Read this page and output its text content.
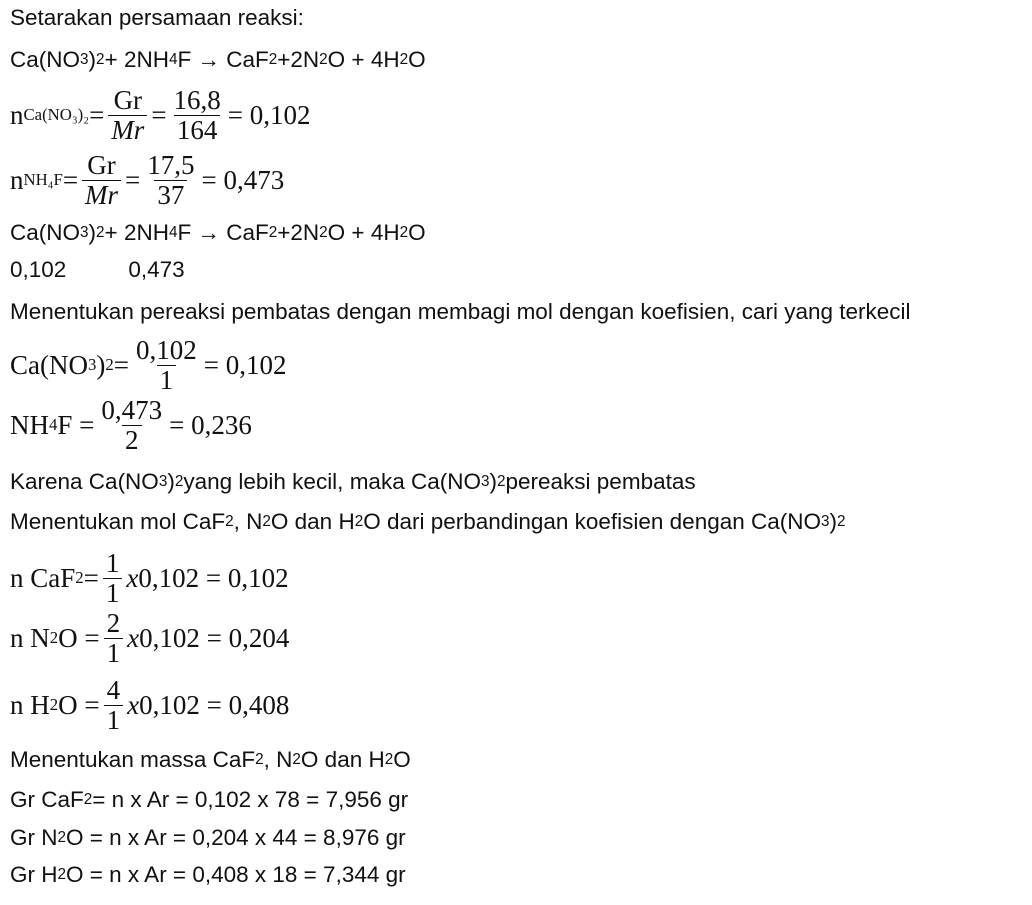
Setarakan persamaan reaksi:
Ca(NO 3 ) 2 + 2NH 4 F → CaF 2 +2N 2 O + 4H 2 O
n $Ca(NO_3)_2 = \frac{Gr}{Mr} = \frac{16,8}{164} = 0,102$
n $NH_4F = \frac{Gr}{Mr} = \frac{17,5}{37} = 0,473$
Ca(NO 3 ) 2 + 2NH 4 F → CaF 2 +2N 2 O + 4H 2 O
0,102	0,473
Menentukan pereaksi pembatas dengan membagi mol dengan koefisien, cari yang terkecil
Ca(NO 3 ) $2 = \frac{0,102}{1} = 0,102$
NH 4 $F = \frac{0,473}{2} = 0,236$
Karena Ca(NO 3 ) 2 yang lebih kecil, maka Ca(NO 3 ) 2 pereaksi pembatas
Menentukan mol CaF 2 , N 2 O dan H 2 O dari perbandingan koefisien dengan Ca(NO 3 ) 2
n CaF $2 = \frac{1}{1}$ x 0,102 = 0,102
n N 2 $O = \frac{2}{1}$ x 0,102 = 0,204
n H 2 $O = \frac{4}{1}$ x 0,102 = 0,408
Menentukan massa CaF 2 , N 2 O dan H 2 O
Gr CaF 2 = n x Ar = 0,102 x 78 = 7,956 gr
Gr N 2 O = n x Ar = 0,204 x 44 = 8,976 gr
Gr H 2 O = n x Ar = 0,408 x 18 = 7,344 gr
